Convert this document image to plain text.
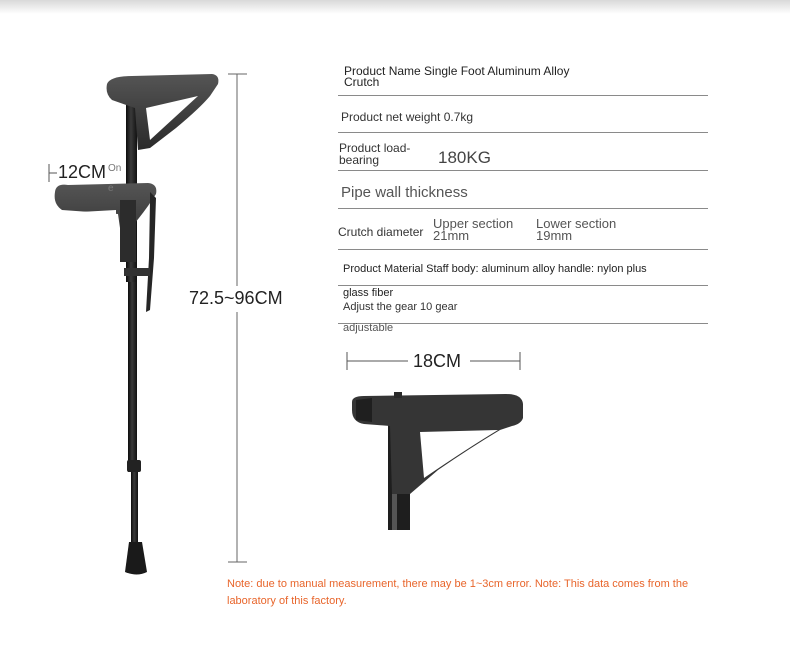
12CM On
e
72.5~96CM
Product Name Single Foot Aluminum Alloy
Crutch
Product net weight 0.7kg
Product load-
bearing	180KG
Pipe wall thickness
Crutch diameter
Upper section
21mm
Lower section
19mm
Product Material Staff body: aluminum alloy handle: nylon plus
glass fiber
Adjust the gear 10 gear
adjustable
18CM
Note: due to manual measurement, there may be 1~3cm error. Note: This data comes from the
laboratory of this factory.
